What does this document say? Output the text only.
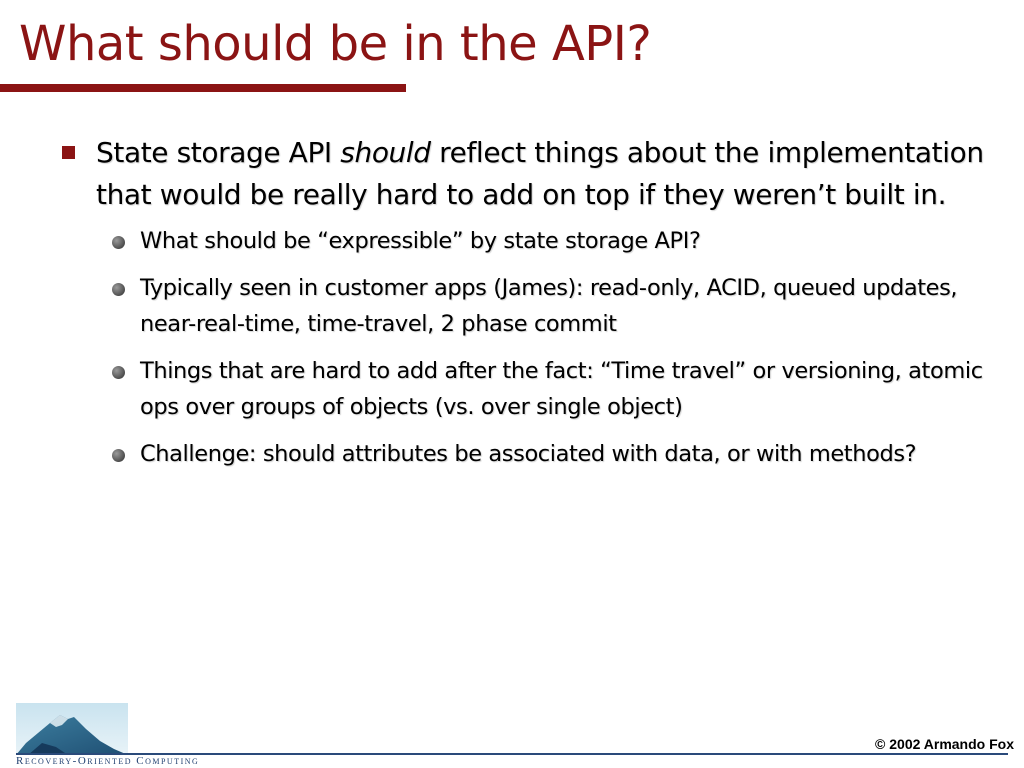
What should be in the API?
State storage API should reflect things about the implementation that would be really hard to add on top if they weren’t built in.
What should be “expressible” by state storage API?
Typically seen in customer apps (James): read-only, ACID, queued updates, near-real-time, time-travel, 2 phase commit
Things that are hard to add after the fact: “Time travel” or versioning, atomic ops over groups of objects (vs. over single object)
Challenge: should attributes be associated with data, or with methods?
Recovery-Oriented Computing
© 2002 Armando Fox
